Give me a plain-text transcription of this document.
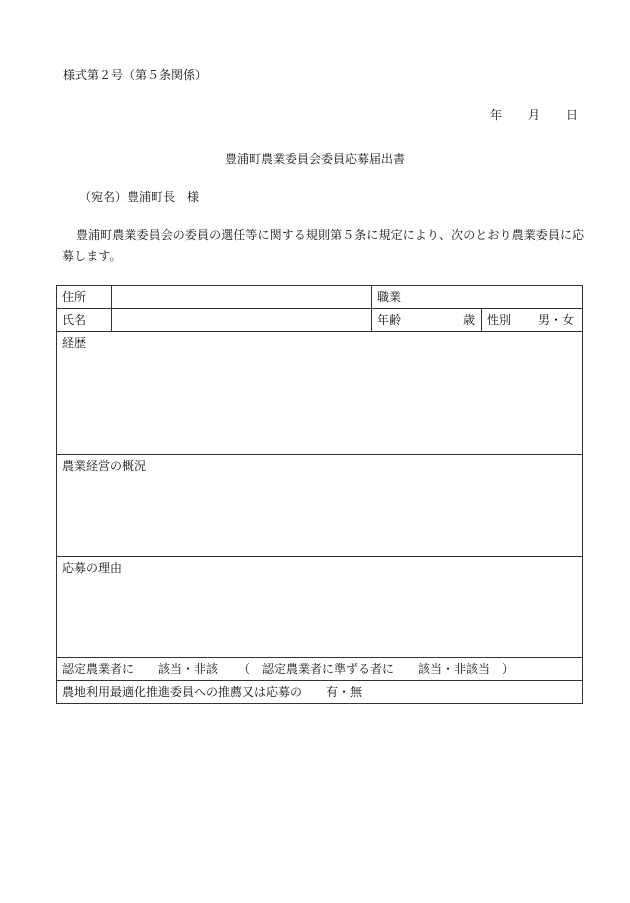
様式第２号（第５条関係）
年 月 日
豊浦町農業委員会委員応募届出書
（宛名）豊浦町長　様
豊浦町農業委員会の委員の選任等に関する規則第５条に規定により、次のとおり農業委員に応募します。
住所		職業	
氏名		年齢 歳	性別 男・女

経歴			
農業経営の概況			
応募の理由			
認定農業者に 該当・非該 （　認定農業者に準ずる者に 該当・非該当　）			
農地利用最適化推進委員への推薦又は応募の 有・無			
